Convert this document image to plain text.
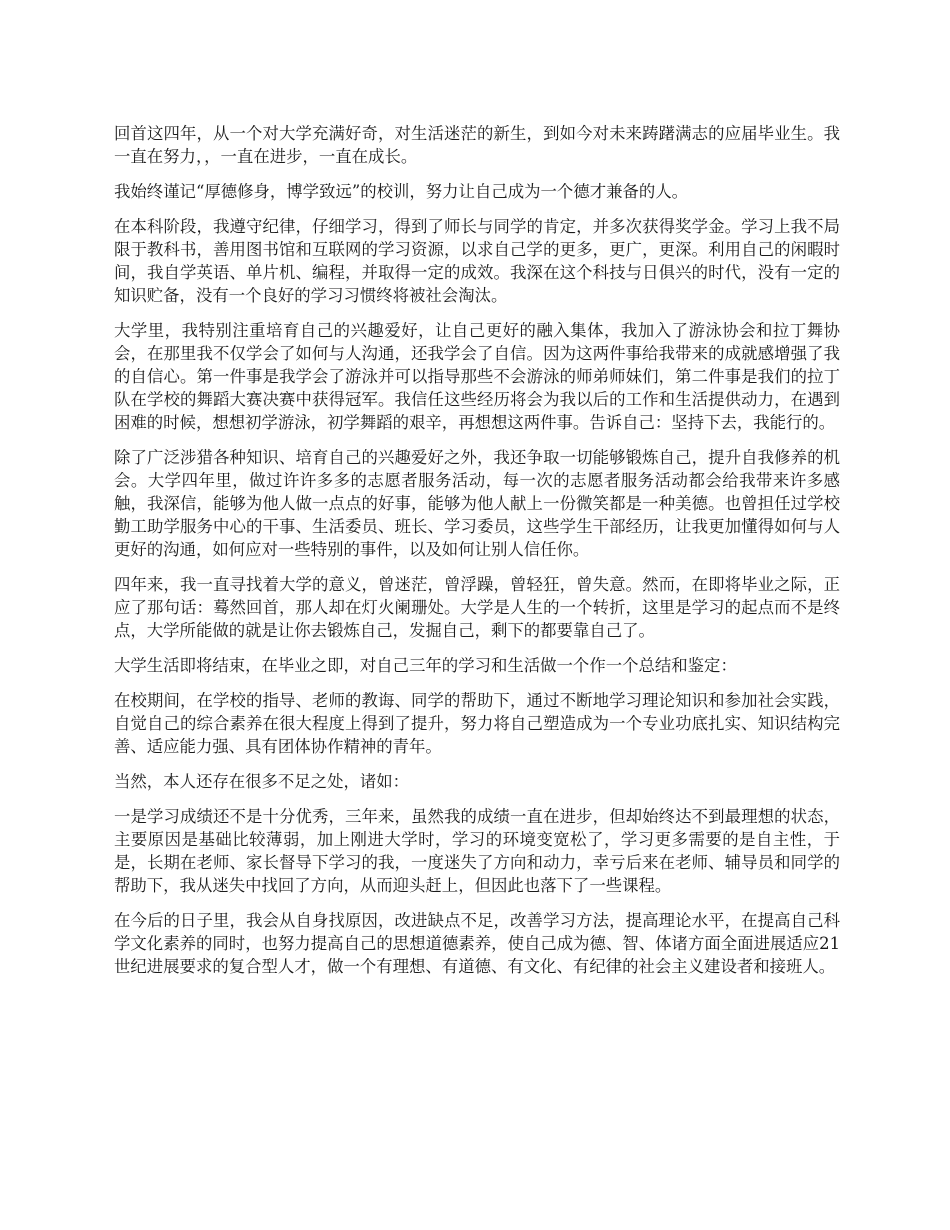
回首这四年，从一个对大学充满好奇，对生活迷茫的新生，到如今对未来踌躇满志的应届毕业生。我一直在努力，，一直在进步，一直在成长。

我始终谨记“厚德修身，博学致远”的校训，努力让自己成为一个德才兼备的人。

在本科阶段，我遵守纪律，仔细学习，得到了师长与同学的肯定，并多次获得奖学金。学习上我不局限于教科书，善用图书馆和互联网的学习资源，以求自己学的更多，更广，更深。利用自己的闲暇时间，我自学英语、单片机、编程，并取得一定的成效。我深在这个科技与日俱兴的时代，没有一定的知识贮备，没有一个良好的学习习惯终将被社会淘汰。

大学里，我特别注重培育自己的兴趣爱好，让自己更好的融入集体，我加入了游泳协会和拉丁舞协会，在那里我不仅学会了如何与人沟通，还我学会了自信。因为这两件事给我带来的成就感增强了我的自信心。第一件事是我学会了游泳并可以指导那些不会游泳的师弟师妹们，第二件事是我们的拉丁队在学校的舞蹈大赛决赛中获得冠军。我信任这些经历将会为我以后的工作和生活提供动力，在遇到困难的时候，想想初学游泳，初学舞蹈的艰辛，再想想这两件事。告诉自己：坚持下去，我能行的。

除了广泛涉猎各种知识、培育自己的兴趣爱好之外，我还争取一切能够锻炼自己，提升自我修养的机会。大学四年里，做过许许多多的志愿者服务活动，每一次的志愿者服务活动都会给我带来许多感触，我深信，能够为他人做一点点的好事，能够为他人献上一份微笑都是一种美德。也曾担任过学校勤工助学服务中心的干事、生活委员、班长、学习委员，这些学生干部经历，让我更加懂得如何与人更好的沟通，如何应对一些特别的事件，以及如何让别人信任你。

四年来，我一直寻找着大学的意义，曾迷茫，曾浮躁，曾轻狂，曾失意。然而，在即将毕业之际，正应了那句话：蓦然回首，那人却在灯火阑珊处。大学是人生的一个转折，这里是学习的起点而不是终点，大学所能做的就是让你去锻炼自己，发掘自己，剩下的都要靠自己了。

大学生活即将结束，在毕业之即，对自己三年的学习和生活做一个作一个总结和鉴定：

在校期间，在学校的指导、老师的教诲、同学的帮助下，通过不断地学习理论知识和参加社会实践，自觉自己的综合素养在很大程度上得到了提升，努力将自己塑造成为一个专业功底扎实、知识结构完善、适应能力强、具有团体协作精神的青年。

当然，本人还存在很多不足之处，诸如：

一是学习成绩还不是十分优秀，三年来，虽然我的成绩一直在进步，但却始终达不到最理想的状态，主要原因是基础比较薄弱，加上刚进大学时，学习的环境变宽松了，学习更多需要的是自主性，于是，长期在老师、家长督导下学习的我，一度迷失了方向和动力，幸亏后来在老师、辅导员和同学的帮助下，我从迷失中找回了方向，从而迎头赶上，但因此也落下了一些课程。

在今后的日子里，我会从自身找原因，改进缺点不足，改善学习方法，提高理论水平，在提高自己科学文化素养的同时，也努力提高自己的思想道德素养，使自己成为德、智、体诸方面全面进展适应21世纪进展要求的复合型人才，做一个有理想、有道德、有文化、有纪律的社会主义建设者和接班人。
